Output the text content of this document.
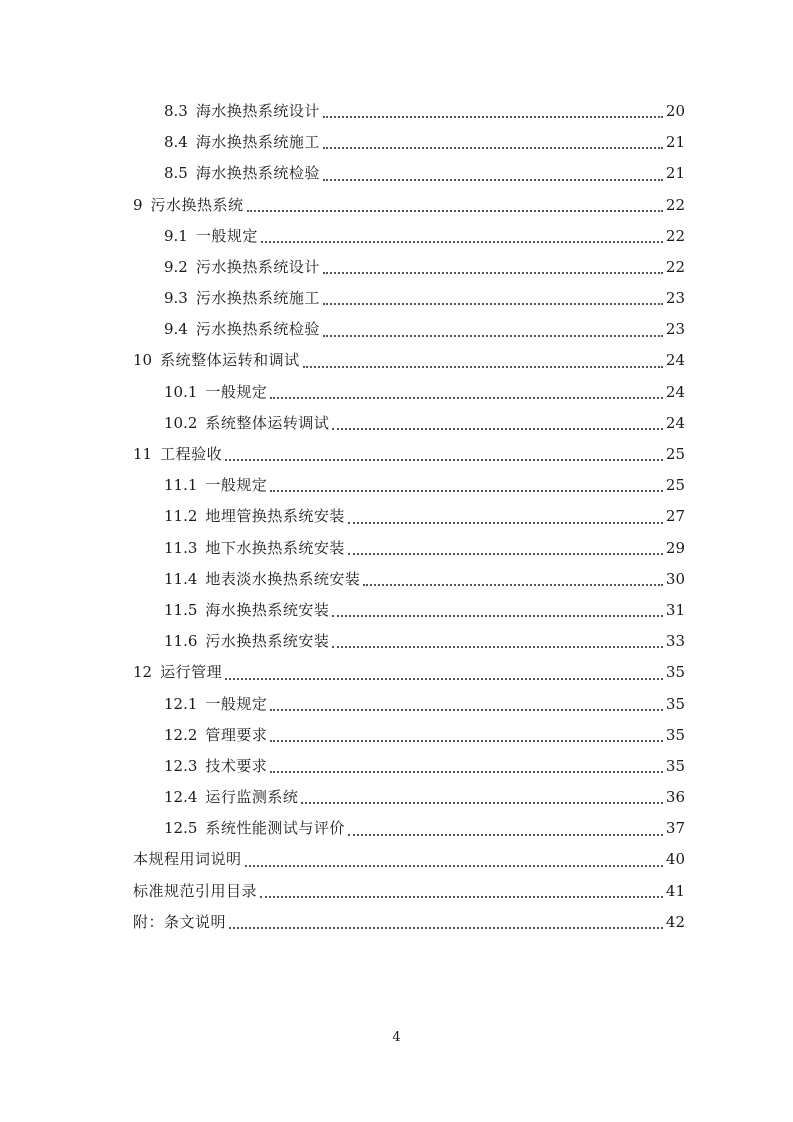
8.3 海水换热系统设计	20
8.4 海水换热系统施工	21
8.5 海水换热系统检验	21
9 污水换热系统	22
9.1 一般规定	22
9.2 污水换热系统设计	22
9.3 污水换热系统施工	23
9.4 污水换热系统检验	23
10 系统整体运转和调试	24
10.1 一般规定	24
10.2 系统整体运转调试	24
11 工程验收	25
11.1 一般规定	25
11.2 地埋管换热系统安装	27
11.3 地下水换热系统安装	29
11.4 地表淡水换热系统安装	30
11.5 海水换热系统安装	31
11.6 污水换热系统安装	33
12 运行管理	35
12.1 一般规定	35
12.2 管理要求	35
12.3 技术要求	35
12.4 运行监测系统	36
12.5 系统性能测试与评价	37
本规程用词说明	40
标准规范引用目录	41
附：条文说明	42
4
